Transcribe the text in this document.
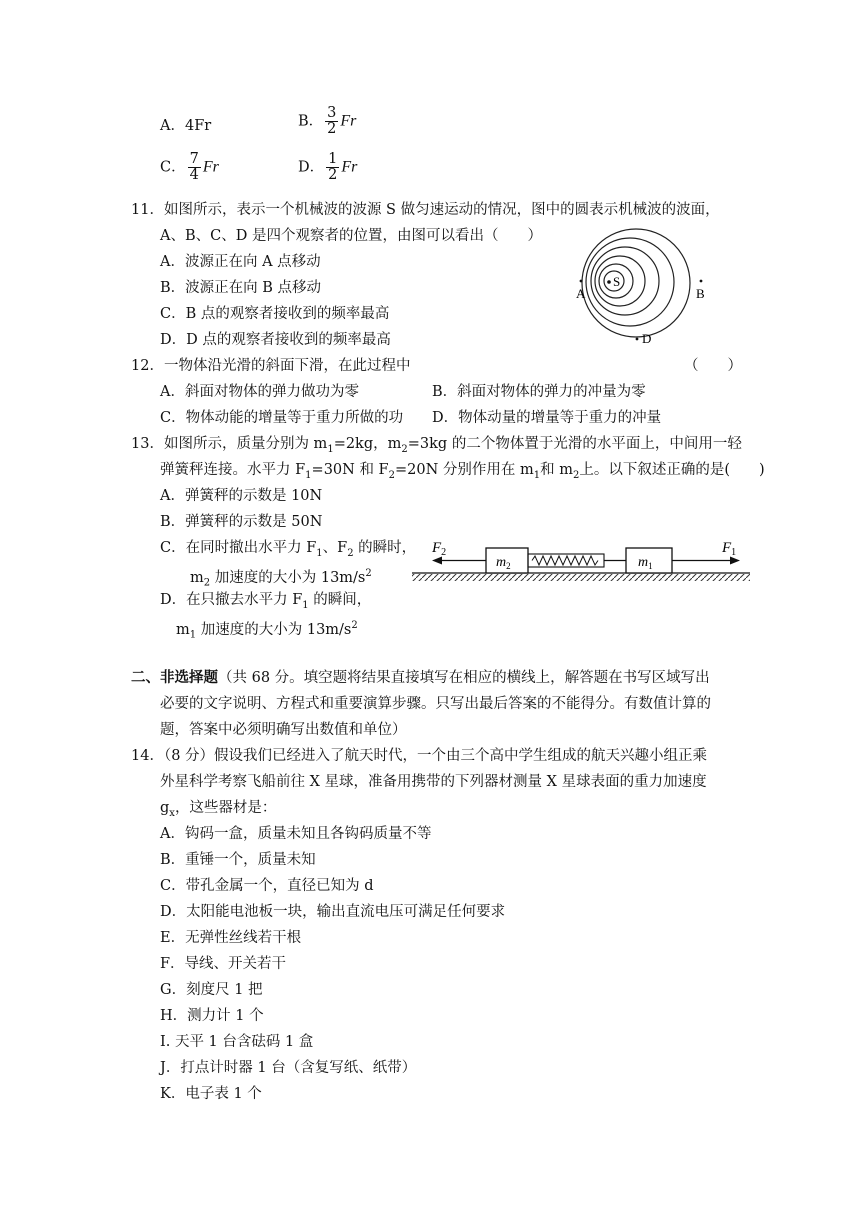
A．4Fr	B． $\frac{3}{2}$ Fr
C． $\frac{7}{4}$ Fr	D． $\frac{1}{2}$ Fr
11．如图所示，表示一个机械波的波源 S 做匀速运动的情况，图中的圆表示机械波的波面，
A、B、C、D 是四个观察者的位置，由图可以看出（　　）
A．波源正在向 A 点移动
B．波源正在向 B 点移动
C．B 点的观察者接收到的频率最高
D．D 点的观察者接收到的频率最高
S
A	B
D
12．一物体沿光滑的斜面下滑，在此过程中	（　　）
A．斜面对物体的弹力做功为零	B．斜面对物体的弹力的冲量为零
C．物体动能的增量等于重力所做的功 D．物体动量的增量等于重力的冲量
13．如图所示，质量分别为 $m_1=2kg$，$m_2=3kg$ 的二个物体置于光滑的水平面上，中间用一轻
弹簧秤连接。水平力 $F_1=30N$ 和 $F_2=20N$ 分别作用在 $m_1$和 $m_2$上。以下叙述正确的是(　　)
A．弹簧秤的示数是 10N
B．弹簧秤的示数是 50N
C．在同时撤出水平力 $F_1$、$F_2$ 的瞬时，
$m_2$ 加速度的大小为 $13m/s^2$
D．在只撤去水平力 $F_1$ 的瞬间，
$m_1$ 加速度的大小为 $13m/s^2$
$F_2$	$F_1$
$m_2$	$m_1$
二、非选择题（共 68 分。填空题将结果直接填写在相应的横线上，解答题在书写区域写出
必要的文字说明、方程式和重要演算步骤。只写出最后答案的不能得分。有数值计算的
题，答案中必须明确写出数值和单位）
14．（8 分）假设我们已经进入了航天时代，一个由三个高中学生组成的航天兴趣小组正乘
外星科学考察飞船前往 X 星球，准备用携带的下列器材测量 X 星球表面的重力加速度
$g_x$，这些器材是：
A．钩码一盒，质量未知且各钩码质量不等
B．重锤一个，质量未知
C．带孔金属一个，直径已知为 d
D．太阳能电池板一块，输出直流电压可满足任何要求
E．无弹性丝线若干根
F．导线、开关若干
G．刻度尺 1 把
H．测力计 1 个
I. 天平 1 台含砝码 1 盒
J．打点计时器 1 台（含复写纸、纸带）
K．电子表 1 个
